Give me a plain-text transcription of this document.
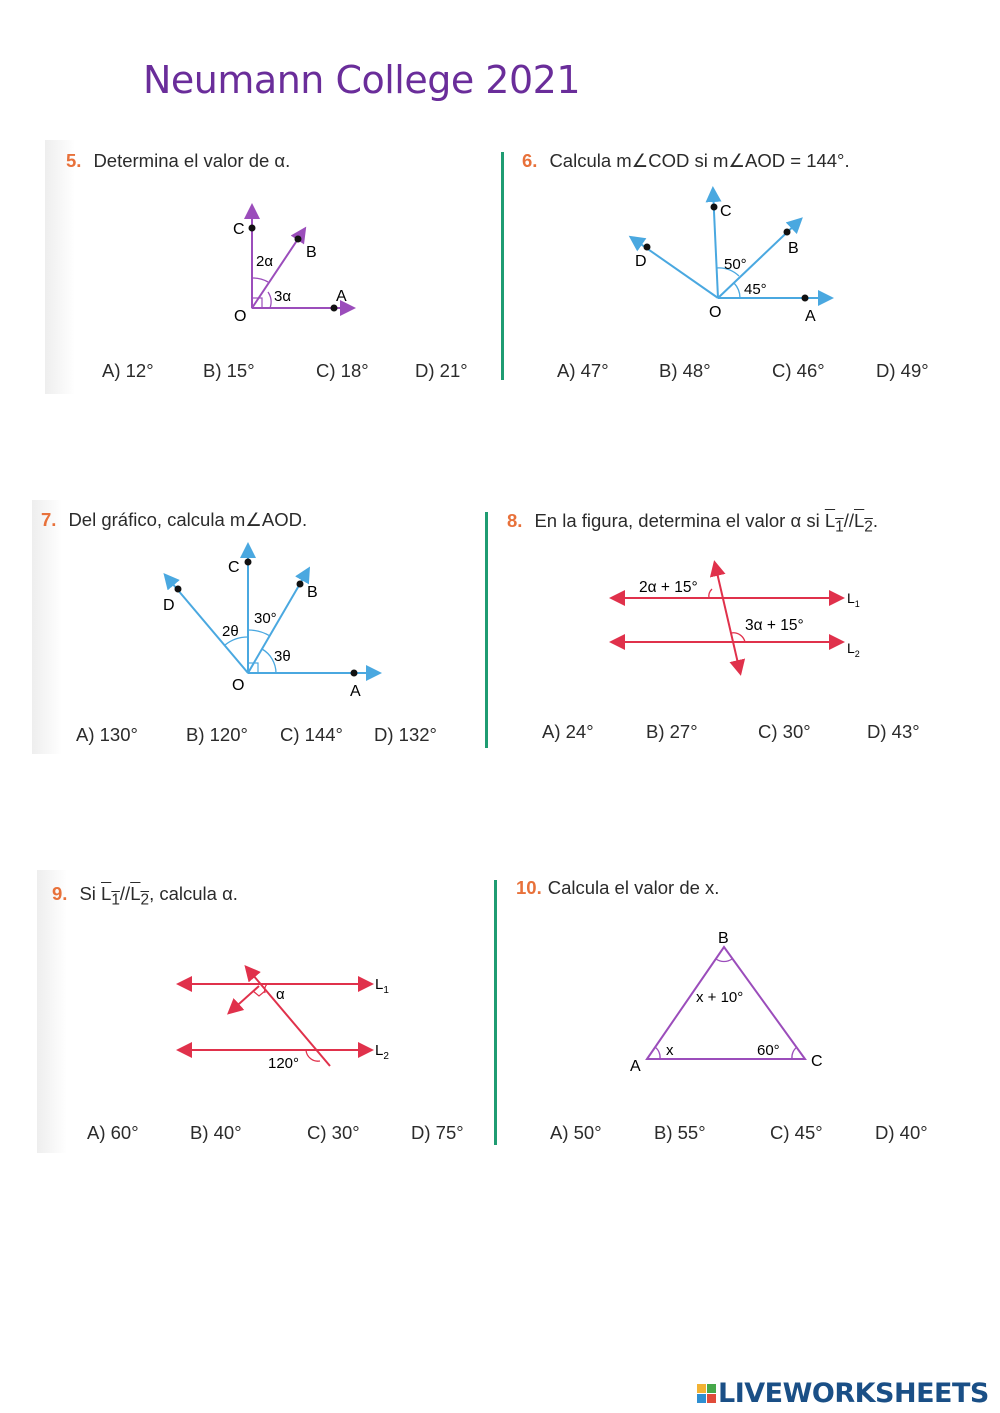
Neumann College 2021
5. Determina el valor de α.
C
B
A
O
2α
3α
A) 12°	B) 15°	C) 18°	D) 21°
6. Calcula m∠COD si m∠AOD = 144°.
C
B
A
O
D	50°
45°
A) 47°	B) 48°	C) 46°	D) 49°
7. Del gráfico, calcula m∠AOD.
C
B
A
O
D
2θ
30°
3θ
A) 130°	B) 120° C) 144° D) 132°
8. En la figura, determina el valor α si $L_1//L_2$.
2α + 15°
3α + 15°
$L_1$
$L_2$
A) 24°	B) 27°	C) 30°	D) 43°
9. Si $L_1//L_2$, calcula α.
α
120°
$L_1$
$L_2$
A) 60°	B) 40°	C) 30°	D) 75°
10. Calcula el valor de x.
B
A	C
x + 10°
x	60°
A) 50°	B) 55°	C) 45°	D) 40°
LIVEWORKSHEETS
